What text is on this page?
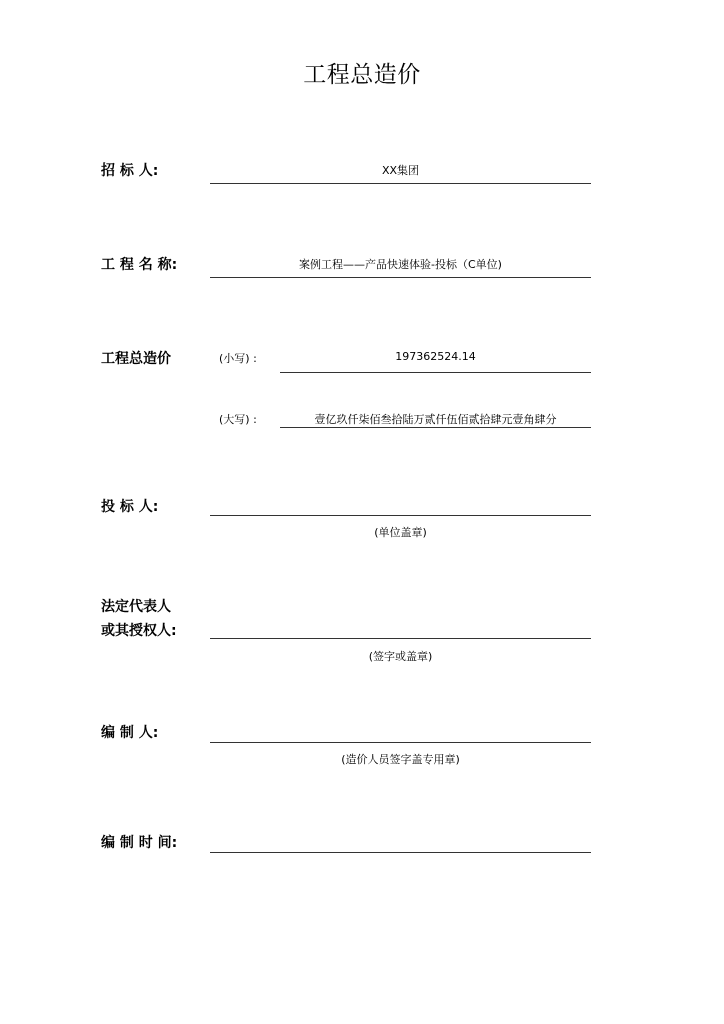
工程总造价
招 标 人:	XX集团
工 程 名 称:	案例工程——产品快速体验-投标（C单位)
工程总造价	(小写) :	197362524.14
(大写) :	壹亿玖仟柒佰叁拾陆万贰仟伍佰贰拾肆元壹角肆分
投 标 人:
(单位盖章)
法定代表人
或其授权人:
(签字或盖章)
编 制 人:
(造价人员签字盖专用章)
编 制 时 间:
